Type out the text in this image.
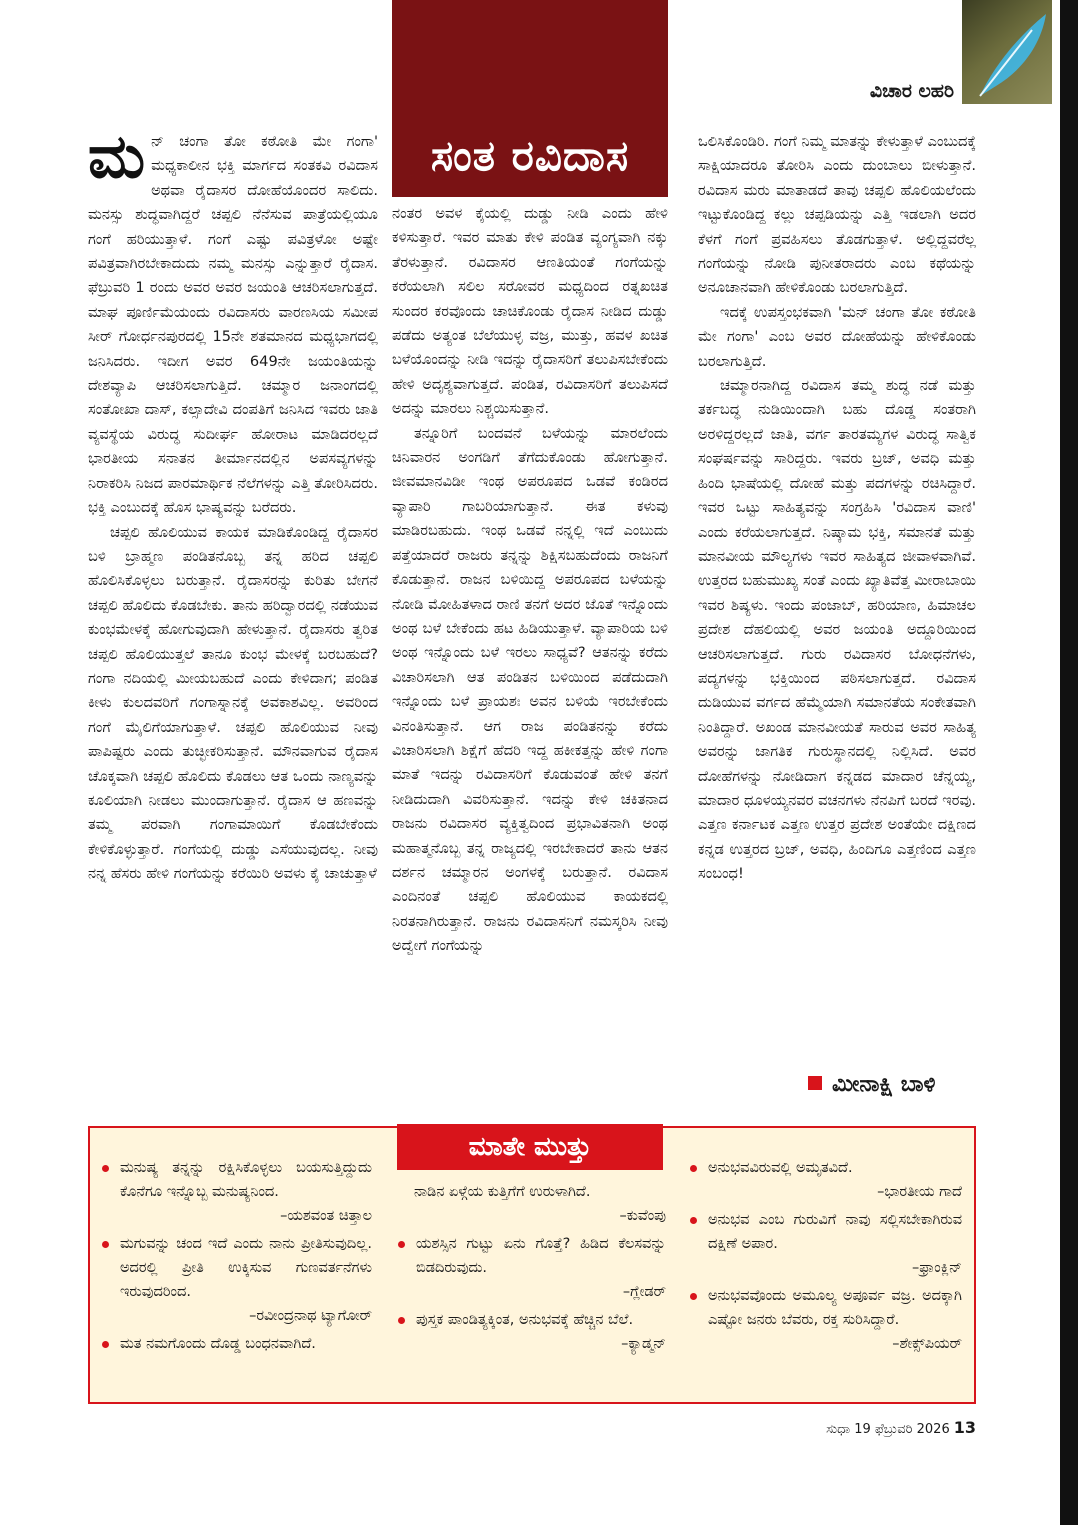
ವಿಚಾರ ಲಹರಿ
ಸಂತ ರವಿದಾಸ

ಮನ್ ಚಂಗಾ ತೋ ಕಠೋತಿ ಮೇ ಗಂಗಾ' ಮಧ್ಯಕಾಲೀನ ಭಕ್ತಿ ಮಾರ್ಗದ ಸಂತಕವಿ ರವಿದಾಸ ಅಥವಾ ರೈದಾಸರ ದೋಹೆಯೊಂದರ ಸಾಲಿದು. ಮನಸ್ಸು ಶುದ್ಧವಾಗಿದ್ದರೆ ಚಪ್ಪಲಿ ನೆನೆಸುವ ಪಾತ್ರೆಯಲ್ಲಿಯೂ ಗಂಗೆ ಹರಿಯುತ್ತಾಳೆ. ಗಂಗೆ ಎಷ್ಟು ಪವಿತ್ರಳೋ ಅಷ್ಟೇ ಪವಿತ್ರವಾಗಿರಬೇಕಾದುದು ನಮ್ಮ ಮನಸ್ಸು ಎನ್ನುತ್ತಾರೆ ರೈದಾಸ. ಫೆಬ್ರುವರಿ 1 ರಂದು ಅವರ ಅವರ ಜಯಂತಿ ಆಚರಿಸಲಾಗುತ್ತದೆ. ಮಾಘ ಪೂರ್ಣಿಮೆಯಂದು ರವಿದಾಸರು ವಾರಣಸಿಯ ಸಮೀಪ ಸೀರ್ ಗೋರ್ಧನಪುರದಲ್ಲಿ 15ನೇ ಶತಮಾನದ ಮಧ್ಯಭಾಗದಲ್ಲಿ ಜನಿಸಿದರು. ಇದೀಗ ಅವರ 649ನೇ ಜಯಂತಿಯನ್ನು ದೇಶವ್ಯಾಪಿ ಆಚರಿಸಲಾಗುತ್ತಿದೆ. ಚಮ್ಮಾರ ಜನಾಂಗದಲ್ಲಿ ಸಂತೋಖಾ ದಾಸ್, ಕಲ್ಸಾದೇವಿ ದಂಪತಿಗೆ ಜನಿಸಿದ ಇವರು ಜಾತಿ ವ್ಯವಸ್ಥೆಯ ವಿರುದ್ಧ ಸುದೀರ್ಘ ಹೋರಾಟ ಮಾಡಿದರಲ್ಲದೆ ಭಾರತೀಯ ಸನಾತನ ತೀರ್ಮಾನದಲ್ಲಿನ ಅಪಸವ್ಯಗಳನ್ನು ನಿರಾಕರಿಸಿ ನಿಜದ ಪಾರಮಾರ್ಥಿಕ ನೆಲೆಗಳನ್ನು ಎತ್ತಿ ತೋರಿಸಿದರು. ಭಕ್ತಿ ಎಂಬುದಕ್ಕೆ ಹೊಸ ಭಾಷ್ಯವನ್ನು ಬರೆದರು.

ಚಪ್ಪಲಿ ಹೊಲಿಯುವ ಕಾಯಕ ಮಾಡಿಕೊಂಡಿದ್ದ ರೈದಾಸರ ಬಳಿ ಬ್ರಾಹ್ಮಣ ಪಂಡಿತನೊಬ್ಬ ತನ್ನ ಹರಿದ ಚಪ್ಪಲಿ ಹೊಲಿಸಿಕೊಳ್ಳಲು ಬರುತ್ತಾನೆ. ರೈದಾಸರನ್ನು ಕುರಿತು ಬೇಗನೆ ಚಪ್ಪಲಿ ಹೊಲಿದು ಕೊಡಬೇಕು. ತಾನು ಹರಿದ್ವಾರದಲ್ಲಿ ನಡೆಯುವ ಕುಂಭಮೇಳಕ್ಕೆ ಹೋಗುವುದಾಗಿ ಹೇಳುತ್ತಾನೆ. ರೈದಾಸರು ತ್ವರಿತ ಚಪ್ಪಲಿ ಹೊಲಿಯುತ್ತಲೆ ತಾನೂ ಕುಂಭ ಮೇಳಕ್ಕೆ ಬರಬಹುದೆ? ಗಂಗಾ ನದಿಯಲ್ಲಿ ಮೀಯಬಹುದೆ ಎಂದು ಕೇಳಿದಾಗ; ಪಂಡಿತ ಕೀಳು ಕುಲದವರಿಗೆ ಗಂಗಾಸ್ನಾನಕ್ಕೆ ಅವಕಾಶವಿಲ್ಲ. ಅವರಿಂದ ಗಂಗೆ ಮೈಲಿಗೆಯಾಗುತ್ತಾಳೆ. ಚಪ್ಪಲಿ ಹೊಲಿಯುವ ನೀವು ಪಾಪಿಷ್ಟರು ಎಂದು ತುಚ್ಛೀಕರಿಸುತ್ತಾನೆ. ಮೌನವಾಗುವ ರೈದಾಸ ಚೊಕ್ಕವಾಗಿ ಚಪ್ಪಲಿ ಹೊಲಿದು ಕೊಡಲು ಆತ ಒಂದು ನಾಣ್ಯವನ್ನು ಕೂಲಿಯಾಗಿ ನೀಡಲು ಮುಂದಾಗುತ್ತಾನೆ. ರೈದಾಸ ಆ ಹಣವನ್ನು ತಮ್ಮ ಪರವಾಗಿ ಗಂಗಾಮಾಯಿಗೆ ಕೊಡಬೇಕೆಂದು ಕೇಳಿಕೊಳ್ಳುತ್ತಾರೆ. ಗಂಗೆಯಲ್ಲಿ ದುಡ್ಡು ಎಸೆಯುವುದಲ್ಲ. ನೀವು ನನ್ನ ಹೆಸರು ಹೇಳಿ ಗಂಗೆಯನ್ನು ಕರೆಯಿರಿ ಅವಳು ಕೈ ಚಾಚುತ್ತಾಳೆ

ನಂತರ ಅವಳ ಕೈಯಲ್ಲಿ ದುಡ್ಡು ನೀಡಿ ಎಂದು ಹೇಳಿ ಕಳಿಸುತ್ತಾರೆ. ಇವರ ಮಾತು ಕೇಳಿ ಪಂಡಿತ ವ್ಯಂಗ್ಯವಾಗಿ ನಕ್ಕು ತೆರಳುತ್ತಾನೆ. ರವಿದಾಸರ ಆಣತಿಯಂತೆ ಗಂಗೆಯನ್ನು ಕರೆಯಲಾಗಿ ಸಲಿಲ ಸರೋವರ ಮಧ್ಯದಿಂದ ರತ್ನಖಚಿತ ಸುಂದರ ಕರವೊಂದು ಚಾಚಿಕೊಂಡು ರೈದಾಸ ನೀಡಿದ ದುಡ್ಡು ಪಡೆದು ಅತ್ಯಂತ ಬೆಲೆಯುಳ್ಳ ವಜ್ರ, ಮುತ್ತು, ಹವಳ ಖಚಿತ ಬಳೆಯೊಂದನ್ನು ನೀಡಿ ಇದನ್ನು ರೈದಾಸರಿಗೆ ತಲುಪಿಸಬೇಕೆಂದು ಹೇಳಿ ಅದೃಶ್ಯವಾಗುತ್ತದೆ. ಪಂಡಿತ, ರವಿದಾಸರಿಗೆ ತಲುಪಿಸದೆ ಅದನ್ನು ಮಾರಲು ನಿಶ್ಚಯಿಸುತ್ತಾನೆ.

ತನ್ನೂರಿಗೆ ಬಂದವನೆ ಬಳೆಯನ್ನು ಮಾರಲೆಂದು ಚಿನಿವಾರನ ಅಂಗಡಿಗೆ ತೆಗೆದುಕೊಂಡು ಹೋಗುತ್ತಾನೆ. ಜೀವಮಾನವಿಡೀ ಇಂಥ ಅಪರೂಪದ ಒಡವೆ ಕಂಡಿರದ ವ್ಯಾಪಾರಿ ಗಾಬರಿಯಾಗುತ್ತಾನೆ. ಈತ ಕಳುವು ಮಾಡಿರಬಹುದು. ಇಂಥ ಒಡವೆ ನನ್ನಲ್ಲಿ ಇದೆ ಎಂಬುದು ಪತ್ತೆಯಾದರೆ ರಾಜರು ತನ್ನನ್ನು ಶಿಕ್ಷಿಸಬಹುದೆಂದು ರಾಜನಿಗೆ ಕೊಡುತ್ತಾನೆ. ರಾಜನ ಬಳಿಯಿದ್ದ ಅಪರೂಪದ ಬಳೆಯನ್ನು ನೋಡಿ ಮೋಹಿತಳಾದ ರಾಣಿ ತನಗೆ ಅದರ ಜೊತೆ ಇನ್ನೊಂದು ಅಂಥ ಬಳೆ ಬೇಕೆಂದು ಹಟ ಹಿಡಿಯುತ್ತಾಳೆ. ವ್ಯಾಪಾರಿಯ ಬಳಿ ಅಂಥ ಇನ್ನೊಂದು ಬಳೆ ಇರಲು ಸಾಧ್ಯವೆ? ಆತನನ್ನು ಕರೆದು ವಿಚಾರಿಸಲಾಗಿ ಆತ ಪಂಡಿತನ ಬಳಿಯಿಂದ ಪಡೆದುದಾಗಿ ಇನ್ನೊಂದು ಬಳೆ ಪ್ರಾಯಶಃ ಅವನ ಬಳಿಯೆ ಇರಬೇಕೆಂದು ವಿನಂತಿಸುತ್ತಾನೆ. ಆಗ ರಾಜ ಪಂಡಿತನನ್ನು ಕರೆದು ವಿಚಾರಿಸಲಾಗಿ ಶಿಕ್ಷೆಗೆ ಹೆದರಿ ಇದ್ದ ಹಕೀಕತ್ತನ್ನು ಹೇಳಿ ಗಂಗಾ ಮಾತೆ ಇದನ್ನು ರವಿದಾಸರಿಗೆ ಕೊಡುವಂತೆ ಹೇಳಿ ತನಗೆ ನೀಡಿದುದಾಗಿ ವಿವರಿಸುತ್ತಾನೆ. ಇದನ್ನು ಕೇಳಿ ಚಕಿತನಾದ ರಾಜನು ರವಿದಾಸರ ವ್ಯಕ್ತಿತ್ವದಿಂದ ಪ್ರಭಾವಿತನಾಗಿ ಅಂಥ ಮಹಾತ್ಮನೊಬ್ಬ ತನ್ನ ರಾಜ್ಯದಲ್ಲಿ ಇರಬೇಕಾದರೆ ತಾನು ಆತನ ದರ್ಶನ ಚಮ್ಮಾರನ ಅಂಗಳಕ್ಕೆ ಬರುತ್ತಾನೆ. ರವಿದಾಸ ಎಂದಿನಂತೆ ಚಪ್ಪಲಿ ಹೊಲಿಯುವ ಕಾಯಕದಲ್ಲಿ ನಿರತನಾಗಿರುತ್ತಾನೆ. ರಾಜನು ರವಿದಾಸನಿಗೆ ನಮಸ್ಕರಿಸಿ ನೀವು ಅದ್ವೇಗೆ ಗಂಗೆಯನ್ನು

ಒಲಿಸಿಕೊಂಡಿರಿ. ಗಂಗೆ ನಿಮ್ಮ ಮಾತನ್ನು ಕೇಳುತ್ತಾಳೆ ಎಂಬುದಕ್ಕೆ ಸಾಕ್ಷಿಯಾದರೂ ತೋರಿಸಿ ಎಂದು ದುಂಬಾಲು ಬೀಳುತ್ತಾನೆ. ರವಿದಾಸ ಮರು ಮಾತಾಡದೆ ತಾವು ಚಪ್ಪಲಿ ಹೊಲಿಯಲೆಂದು ಇಟ್ಟುಕೊಂಡಿದ್ದ ಕಲ್ಲು ಚಪ್ಪಡಿಯನ್ನು ಎತ್ತಿ ಇಡಲಾಗಿ ಅದರ ಕೆಳಗೆ ಗಂಗೆ ಪ್ರವಹಿಸಲು ತೊಡಗುತ್ತಾಳೆ. ಅಲ್ಲಿದ್ದವರೆಲ್ಲ ಗಂಗೆಯನ್ನು ನೋಡಿ ಪುನೀತರಾದರು ಎಂಬ ಕಥೆಯನ್ನು ಅನೂಚಾನವಾಗಿ ಹೇಳಿಕೊಂಡು ಬರಲಾಗುತ್ತಿದೆ.

ಇದಕ್ಕೆ ಉಪಸ್ತಂಭಕವಾಗಿ 'ಮನ್ ಚಂಗಾ ತೋ ಕಠೋತಿ ಮೇ ಗಂಗಾ' ಎಂಬ ಅವರ ದೋಹೆಯನ್ನು ಹೇಳಿಕೊಂಡು ಬರಲಾಗುತ್ತಿದೆ.

ಚಮ್ಮಾರನಾಗಿದ್ದ ರವಿದಾಸ ತಮ್ಮ ಶುದ್ಧ ನಡೆ ಮತ್ತು ತರ್ಕಬದ್ಧ ನುಡಿಯಿಂದಾಗಿ ಬಹು ದೊಡ್ಡ ಸಂತರಾಗಿ ಅರಳಿದ್ದರಲ್ಲದೆ ಜಾತಿ, ವರ್ಗ ತಾರತಮ್ಯಗಳ ವಿರುದ್ಧ ಸಾತ್ವಿಕ ಸಂಘರ್ಷವನ್ನು ಸಾರಿದ್ದರು. ಇವರು ಬ್ರಜ್, ಅವಧಿ ಮತ್ತು ಹಿಂದಿ ಭಾಷೆಯಲ್ಲಿ ದೋಹೆ ಮತ್ತು ಪದಗಳನ್ನು ರಚಿಸಿದ್ದಾರೆ. ಇವರ ಒಟ್ಟು ಸಾಹಿತ್ಯವನ್ನು ಸಂಗ್ರಹಿಸಿ 'ರವಿದಾಸ ವಾಣಿ' ಎಂದು ಕರೆಯಲಾಗುತ್ತದೆ. ನಿಷ್ಕಾಮ ಭಕ್ತಿ, ಸಮಾನತೆ ಮತ್ತು ಮಾನವೀಯ ಮೌಲ್ಯಗಳು ಇವರ ಸಾಹಿತ್ಯದ ಜೀವಾಳವಾಗಿವೆ. ಉತ್ತರದ ಬಹುಮುಖ್ಯ ಸಂತೆ ಎಂದು ಖ್ಯಾತಿವೆತ್ತ ಮೀರಾಬಾಯಿ ಇವರ ಶಿಷ್ಯಳು. ಇಂದು ಪಂಜಾಬ್, ಹರಿಯಾಣ, ಹಿಮಾಚಲ ಪ್ರದೇಶ ದೆಹಲಿಯಲ್ಲಿ ಅವರ ಜಯಂತಿ ಅದ್ದೂರಿಯಿಂದ ಆಚರಿಸಲಾಗುತ್ತದೆ. ಗುರು ರವಿದಾಸರ ಬೋಧನೆಗಳು, ಪದ್ಯಗಳನ್ನು ಭಕ್ತಿಯಿಂದ ಪಠಿಸಲಾಗುತ್ತದೆ. ರವಿದಾಸ ದುಡಿಯುವ ವರ್ಗದ ಹೆಮ್ಮೆಯಾಗಿ ಸಮಾನತೆಯ ಸಂಕೇತವಾಗಿ ನಿಂತಿದ್ದಾರೆ. ಅಖಂಡ ಮಾನವೀಯತೆ ಸಾರುವ ಅವರ ಸಾಹಿತ್ಯ ಅವರನ್ನು ಜಾಗತಿಕ ಗುರುಸ್ಥಾನದಲ್ಲಿ ನಿಲ್ಲಿಸಿದೆ. ಅವರ ದೋಹೆಗಳನ್ನು ನೋಡಿದಾಗ ಕನ್ನಡದ ಮಾದಾರ ಚೆನ್ನಯ್ಯ, ಮಾದಾರ ಧೂಳಯ್ಯನವರ ವಚನಗಳು ನೆನಪಿಗೆ ಬರದೆ ಇರವು. ಎತ್ತಣ ಕರ್ನಾಟಕ ಎತ್ತಣ ಉತ್ತರ ಪ್ರದೇಶ ಅಂತೆಯೇ ದಕ್ಷಿಣದ ಕನ್ನಡ ಉತ್ತರದ ಬ್ರಜ್, ಅವಧಿ, ಹಿಂದಿಗೂ ಎತ್ತಣಿಂದ ಎತ್ತಣ ಸಂಬಂಧ!

ಮೀನಾಕ್ಷಿ ಬಾಳಿ
ಮಾತೇ ಮುತ್ತು

ಮನುಷ್ಯ ತನ್ನನ್ನು ರಕ್ಷಿಸಿಕೊಳ್ಳಲು ಬಯಸುತ್ತಿದ್ದುದು ಕೊನೆಗೂ ಇನ್ನೊಬ್ಬ ಮನುಷ್ಯನಿಂದ.

–ಯಶವಂತ ಚಿತ್ತಾಲ

ಮಗುವನ್ನು ಚಂದ ಇದೆ ಎಂದು ನಾನು ಪ್ರೀತಿಸುವುದಿಲ್ಲ. ಅದರಲ್ಲಿ ಪ್ರೀತಿ ಉಕ್ಕಿಸುವ ಗುಣವರ್ತನೆಗಳು ಇರುವುದರಿಂದ.

–ರವೀಂದ್ರನಾಥ ಟ್ಯಾಗೋರ್

ಮತ ನಮಗೊಂದು ದೊಡ್ಡ ಬಂಧನವಾಗಿದೆ.

ನಾಡಿನ ಏಳ್ಗೆಯ ಕುತ್ತಿಗೆಗೆ ಉರುಳಾಗಿದೆ.

–ಕುವೆಂಪು

ಯಶಸ್ಸಿನ ಗುಟ್ಟು ಏನು ಗೊತ್ತೆ? ಹಿಡಿದ ಕೆಲಸವನ್ನು ಬಿಡದಿರುವುದು.

–ಗ್ಲೇಡರ್

ಪುಸ್ತಕ ಪಾಂಡಿತ್ಯಕ್ಕಿಂತ, ಅನುಭವಕ್ಕೆ ಹೆಚ್ಚಿನ ಬೆಲೆ.

–ಕ್ಯಾಡ್ಮನ್

ಅನುಭವವಿರುವಲ್ಲಿ ಅಮೃತವಿದೆ.

–ಭಾರತೀಯ ಗಾದೆ

ಅನುಭವ ಎಂಬ ಗುರುವಿಗೆ ನಾವು ಸಲ್ಲಿಸಬೇಕಾಗಿರುವ ದಕ್ಷಿಣೆ ಅಪಾರ.

–ಫ್ರಾಂಕ್ಲಿನ್

ಅನುಭವವೊಂದು ಅಮೂಲ್ಯ ಅಪೂರ್ವ ವಜ್ರ. ಅದಕ್ಕಾಗಿ ಎಷ್ಟೋ ಜನರು ಬೆವರು, ರಕ್ತ ಸುರಿಸಿದ್ದಾರೆ.

–ಶೇಕ್ಸ್‌ಪಿಯರ್

ಸುಧಾ 19 ಫೆಬ್ರುವರಿ 2026 13
